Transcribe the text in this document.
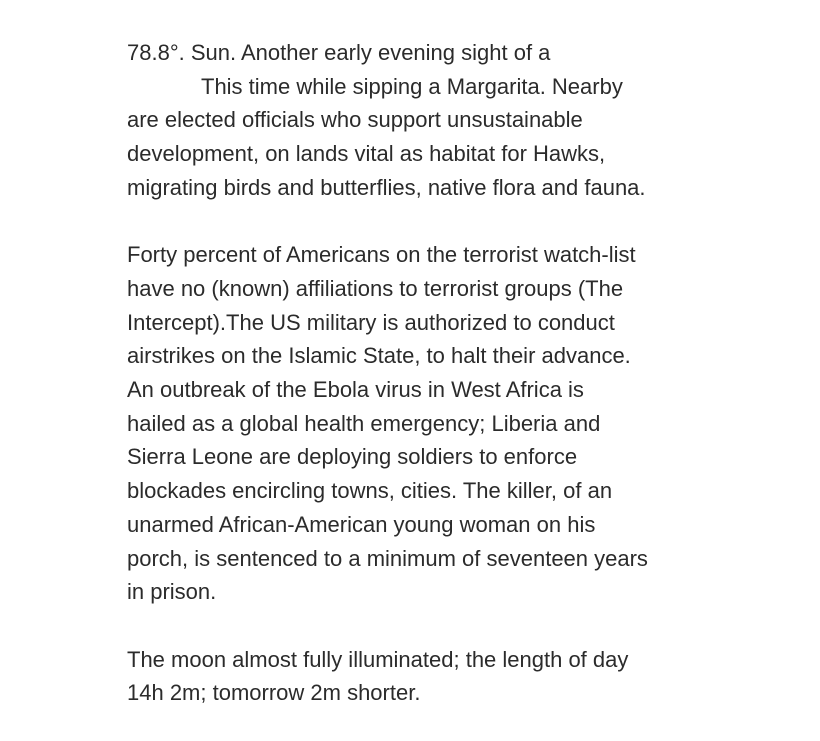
78.8°. Sun. Another early evening sight of a
This time while sipping a Margarita. Nearby
are elected officials who support unsustainable
development, on lands vital as habitat for Hawks,
migrating birds and butterflies, native flora and fauna.
Forty percent of Americans on the terrorist watch-list
have no (known) affiliations to terrorist groups (The
Intercept).The US military is authorized to conduct
airstrikes on the Islamic State, to halt their advance.
An outbreak of the Ebola virus in West Africa is
hailed as a global health emergency; Liberia and
Sierra Leone are deploying soldiers to enforce
blockades encircling towns, cities. The killer, of an
unarmed African-American young woman on his
porch, is sentenced to a minimum of seventeen years
in prison.
The moon almost fully illuminated; the length of day
14h 2m; tomorrow 2m shorter.
